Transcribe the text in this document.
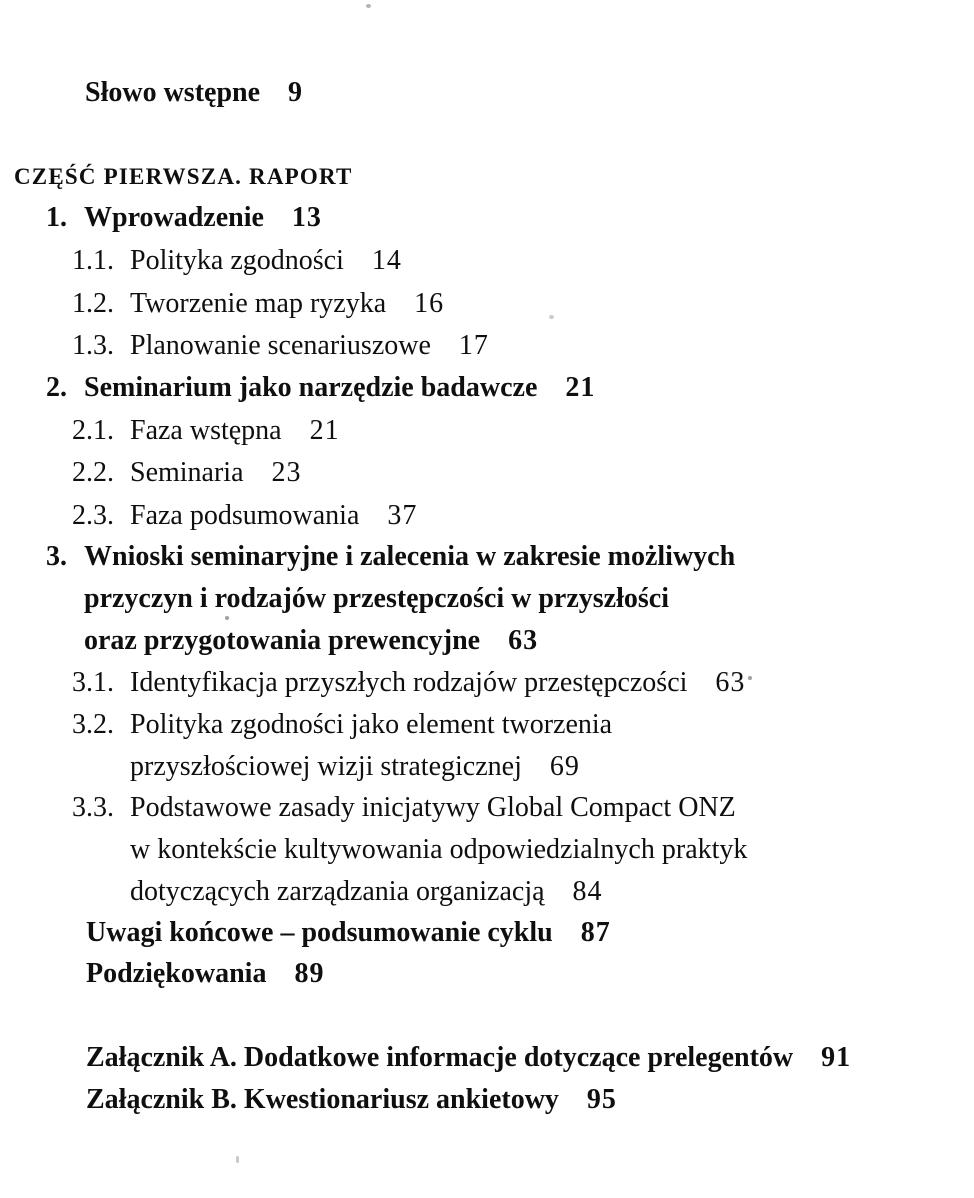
Słowo wstępne 9
CZĘŚĆ PIERWSZA. RAPORT
1. Wprowadzenie 13
1.1. Polityka zgodności 14
1.2. Tworzenie map ryzyka 16
1.3. Planowanie scenariuszowe 17
2. Seminarium jako narzędzie badawcze 21
2.1. Faza wstępna 21
2.2. Seminaria 23
2.3. Faza podsumowania 37
3. Wnioski seminaryjne i zalecenia w zakresie możliwych
przyczyn i rodzajów przestępczości w przyszłości
oraz przygotowania prewencyjne 63
3.1. Identyfikacja przyszłych rodzajów przestępczości 63
3.2. Polityka zgodności jako element tworzenia
przyszłościowej wizji strategicznej 69
3.3. Podstawowe zasady inicjatywy Global Compact ONZ
w kontekście kultywowania odpowiedzialnych praktyk
dotyczących zarządzania organizacją 84
Uwagi końcowe – podsumowanie cyklu 87
Podziękowania 89
Załącznik A. Dodatkowe informacje dotyczące prelegentów 91
Załącznik B. Kwestionariusz ankietowy 95
